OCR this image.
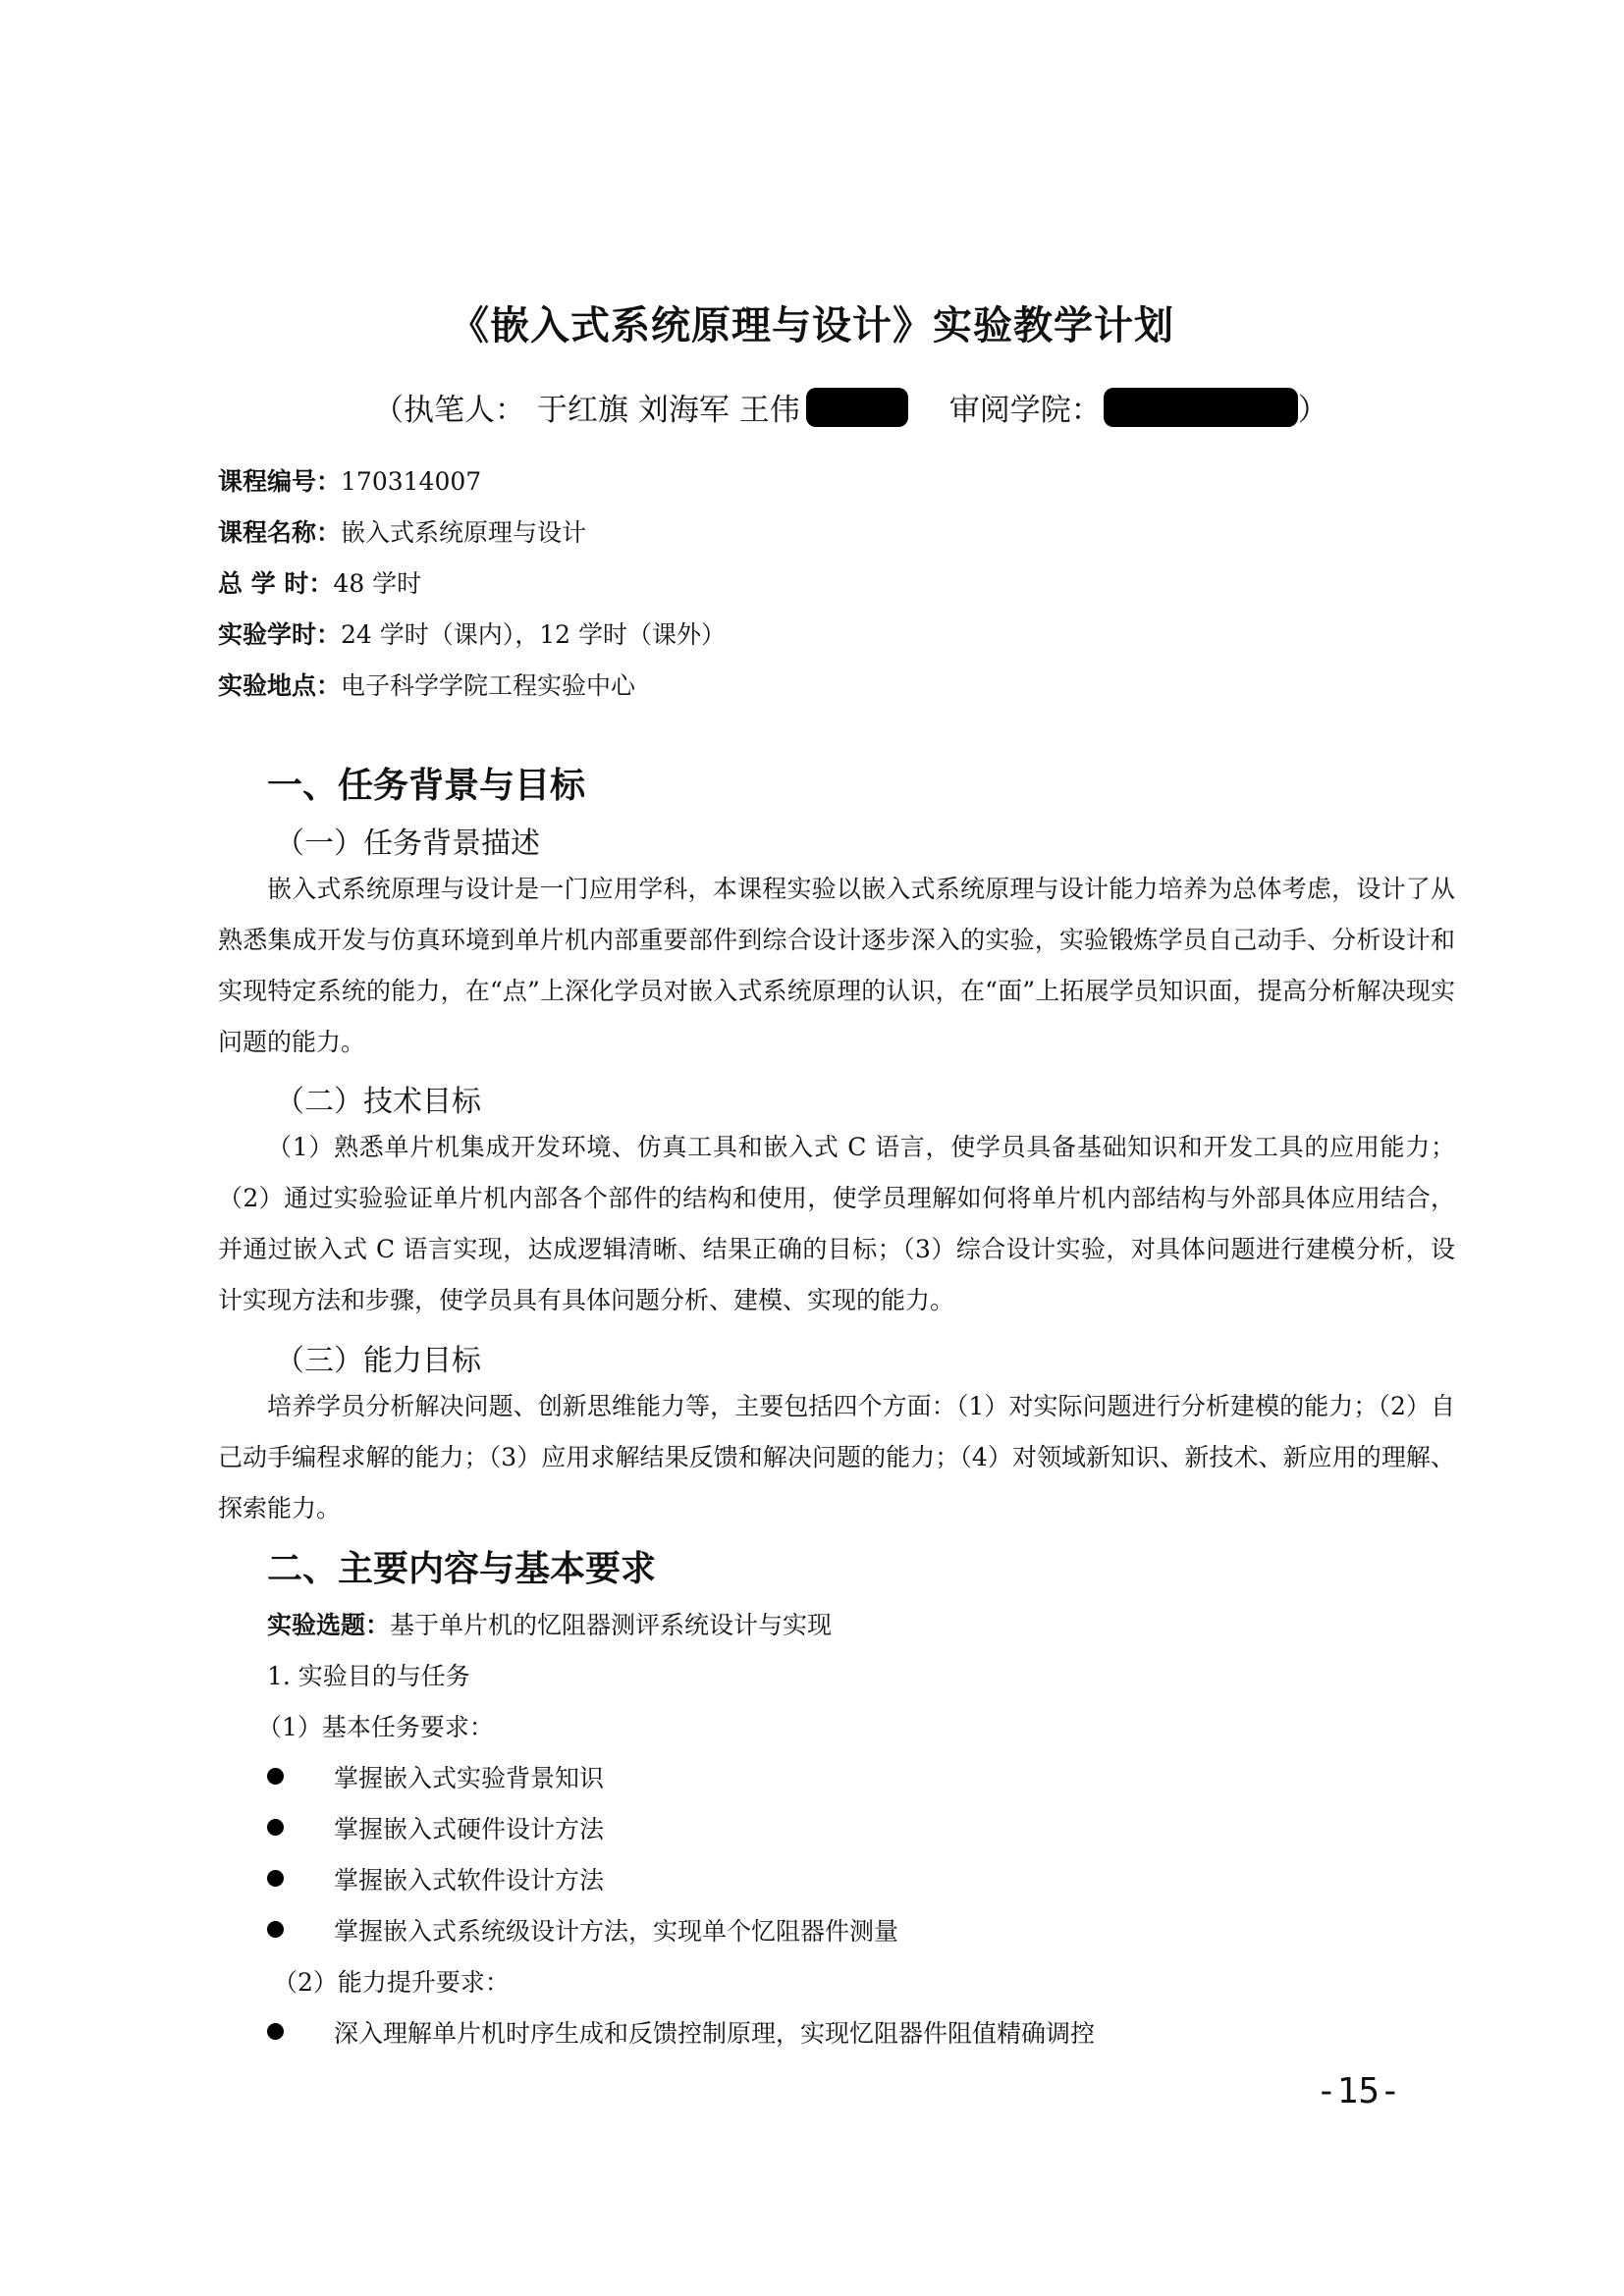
《嵌入式系统原理与设计》实验教学计划
（执笔人： 于红旗 刘海军 王伟	审阅学院：	）
课程编号：170314007
课程名称：嵌入式系统原理与设计
总 学 时：48 学时
实验学时：24 学时（课内），12 学时（课外）
实验地点：电子科学学院工程实验中心
一、任务背景与目标
（一）任务背景描述
嵌入式系统原理与设计是一门应用学科，本课程实验以嵌入式系统原理与设计能力培养为总体考虑，设计了从熟悉集成开发与仿真环境到单片机内部重要部件到综合设计逐步深入的实验，实验锻炼学员自己动手、分析设计和实现特定系统的能力，在“点”上深化学员对嵌入式系统原理的认识，在“面”上拓展学员知识面，提高分析解决现实问题的能力。
（二）技术目标
（1）熟悉单片机集成开发环境、仿真工具和嵌入式 C 语言，使学员具备基础知识和开发工具的应用能力；（2）通过实验验证单片机内部各个部件的结构和使用，使学员理解如何将单片机内部结构与外部具体应用结合，并通过嵌入式 C 语言实现，达成逻辑清晰、结果正确的目标；（3）综合设计实验，对具体问题进行建模分析，设计实现方法和步骤，使学员具有具体问题分析、建模、实现的能力。
（三）能力目标
培养学员分析解决问题、创新思维能力等，主要包括四个方面：（1）对实际问题进行分析建模的能力；（2）自己动手编程求解的能力；（3）应用求解结果反馈和解决问题的能力；（4）对领域新知识、新技术、新应用的理解、探索能力。
二、主要内容与基本要求
实验选题：基于单片机的忆阻器测评系统设计与实现
1. 实验目的与任务
（1）基本任务要求：
掌握嵌入式实验背景知识
掌握嵌入式硬件设计方法
掌握嵌入式软件设计方法
掌握嵌入式系统级设计方法，实现单个忆阻器件测量
（2）能力提升要求：
深入理解单片机时序生成和反馈控制原理，实现忆阻器件阻值精确调控
-15-
